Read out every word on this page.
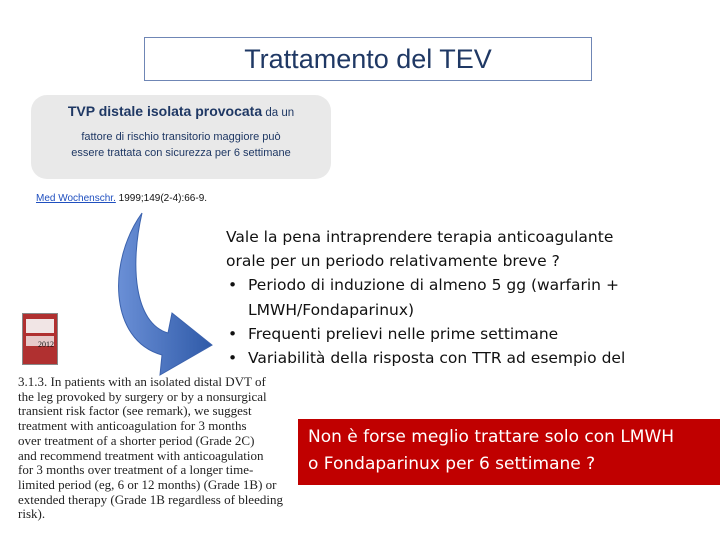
Trattamento del TEV
TVP distale isolata provocata da un
fattore di rischio transitorio maggiore può
essere trattata con sicurezza per 6 settimane
Med Wochenschr. 1999;149(2-4):66-9.
2012
3.1.3. In patients with an isolated distal DVT of
the leg provoked by surgery or by a nonsurgical
transient risk factor (see remark), we suggest
treatment with anticoagulation for 3 months
over treatment of a shorter period (Grade 2C)
and recommend treatment with anticoagulation
for 3 months over treatment of a longer time-
limited period (eg, 6 or 12 months) (Grade 1B) or
extended therapy (Grade 1B regardless of bleeding
risk).
Vale la pena intraprendere terapia anticoagulante
orale per un periodo relativamente breve ?
• Periodo di induzione di almeno 5 gg (warfarin +
LMWH/Fondaparinux)
• Frequenti prelievi nelle prime settimane
• Variabilità della risposta con TTR ad esempio del
Non è forse meglio trattare solo con LMWH
o Fondaparinux per 6 settimane ?
